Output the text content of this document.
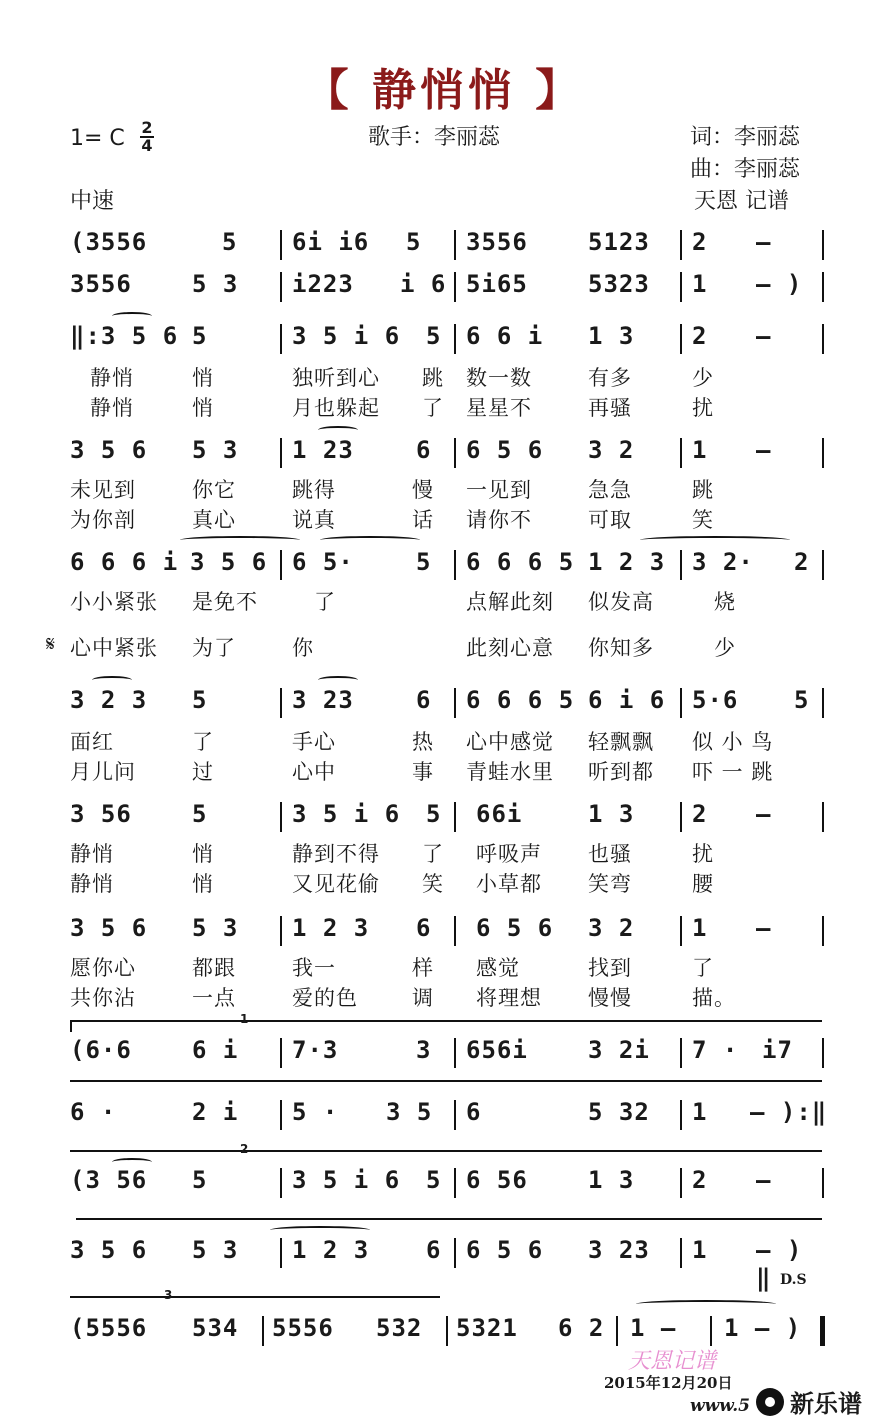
【 静悄悄 】
1= C 2
4	歌手：李丽蕊	词：李丽蕊
曲：李丽蕊
中速	天恩 记谱
(3556	5 6i i6 5 3556	5123 2 –
3556	5 3 i223 i 6 5i65	5323 1 – )
‖:3 5 6 5	3 5 i 6 5 6 6 i 1 3 2 –
静悄	悄	独听到心 跳 数一数	有多	少
静悄	悄	月也躲起 了 星星不	再骚	扰
3 5 6 5 3 1 23	6 6 5 6 3 2 1 –
未见到	你它	跳得	慢 一见到	急急	跳
为你剖	真心	说真	话 请你不	可取	笑
6 6 6 i 3 5 6 6 5·	5 6 6 6 5 1 2 3 3 2· 2
小小紧张 是免不	了	点解此刻 似发高	烧
𝄋 心中紧张 为了	你	此刻心意 你知多	少
3 2 3 5	3 23	6 6 6 6 5 6 i 6 5·6 5
面红	了	手心	热 心中感觉 轻飘飘 似 小 鸟
月儿问	过	心中	事 青蛙水里 听到都 吓 一 跳
3 56	5	3 5 i 6 5 66i	1 3 2 –
静悄	悄	静到不得 了 呼吸声 也骚	扰
静悄	悄	又见花偷 笑 小草都 笑弯	腰
3 5 6 5 3 1 2 3 6 6 5 6 3 2 1 –
愿你心	都跟	我一	样 感觉	找到	了
共你沾	一点	爱的色	调 将理想 慢慢	描。
1
(6·6	6 i 7·3	3 656i	3 2i 7 · i7
6 ·	2 i 5 · 3 5 6	5 32 1 – ):‖
2
(3 56 5	3 5 i 6 5 6 56	1 3 2 –
3 5 6 5 3 1 2 3 6 6 5 6 3 23 1 – ) ‖ D.S
3
(5556 534 5556 532 5321 6 2 1 – 1 – )
天恩记谱
2015年12月20日
www.5 新乐谱
